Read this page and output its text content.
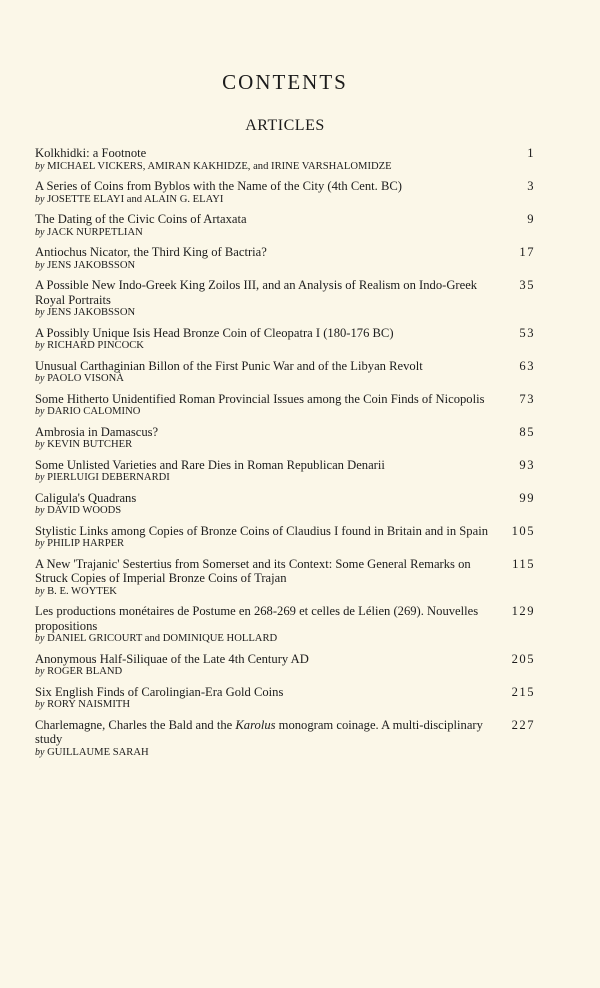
CONTENTS
ARTICLES
Kolkhidki: a Footnote
by MICHAEL VICKERS, AMIRAN KAKHIDZE, and IRINE VARSHALOMIDZE
1
A Series of Coins from Byblos with the Name of the City (4th Cent. BC)
by JOSETTE ELAYI and ALAIN G. ELAYI
3
The Dating of the Civic Coins of Artaxata
by JACK NURPETLIAN
9
Antiochus Nicator, the Third King of Bactria?
by JENS JAKOBSSON
17
A Possible New Indo-Greek King Zoilos III, and an Analysis of Realism on Indo-Greek Royal Portraits
by JENS JAKOBSSON
35
A Possibly Unique Isis Head Bronze Coin of Cleopatra I (180-176 BC)
by RICHARD PINCOCK
53
Unusual Carthaginian Billon of the First Punic War and of the Libyan Revolt
by PAOLO VISONÀ
63
Some Hitherto Unidentified Roman Provincial Issues among the Coin Finds of Nicopolis
by DARIO CALOMINO
73
Ambrosia in Damascus?
by KEVIN BUTCHER
85
Some Unlisted Varieties and Rare Dies in Roman Republican Denarii
by PIERLUIGI DEBERNARDI
93
Caligula's Quadrans
by DAVID WOODS
99
Stylistic Links among Copies of Bronze Coins of Claudius I found in Britain and in Spain
by PHILIP HARPER
105
A New 'Trajanic' Sestertius from Somerset and its Context: Some General Remarks on Struck Copies of Imperial Bronze Coins of Trajan
by B. E. WOYTEK
115
Les productions monétaires de Postume en 268-269 et celles de Lélien (269). Nouvelles propositions
by DANIEL GRICOURT and DOMINIQUE HOLLARD
129
Anonymous Half-Siliquae of the Late 4th Century AD
by ROGER BLAND
205
Six English Finds of Carolingian-Era Gold Coins
by RORY NAISMITH
215
Charlemagne, Charles the Bald and the Karolus monogram coinage. A multi-disciplinary study
by GUILLAUME SARAH
227
